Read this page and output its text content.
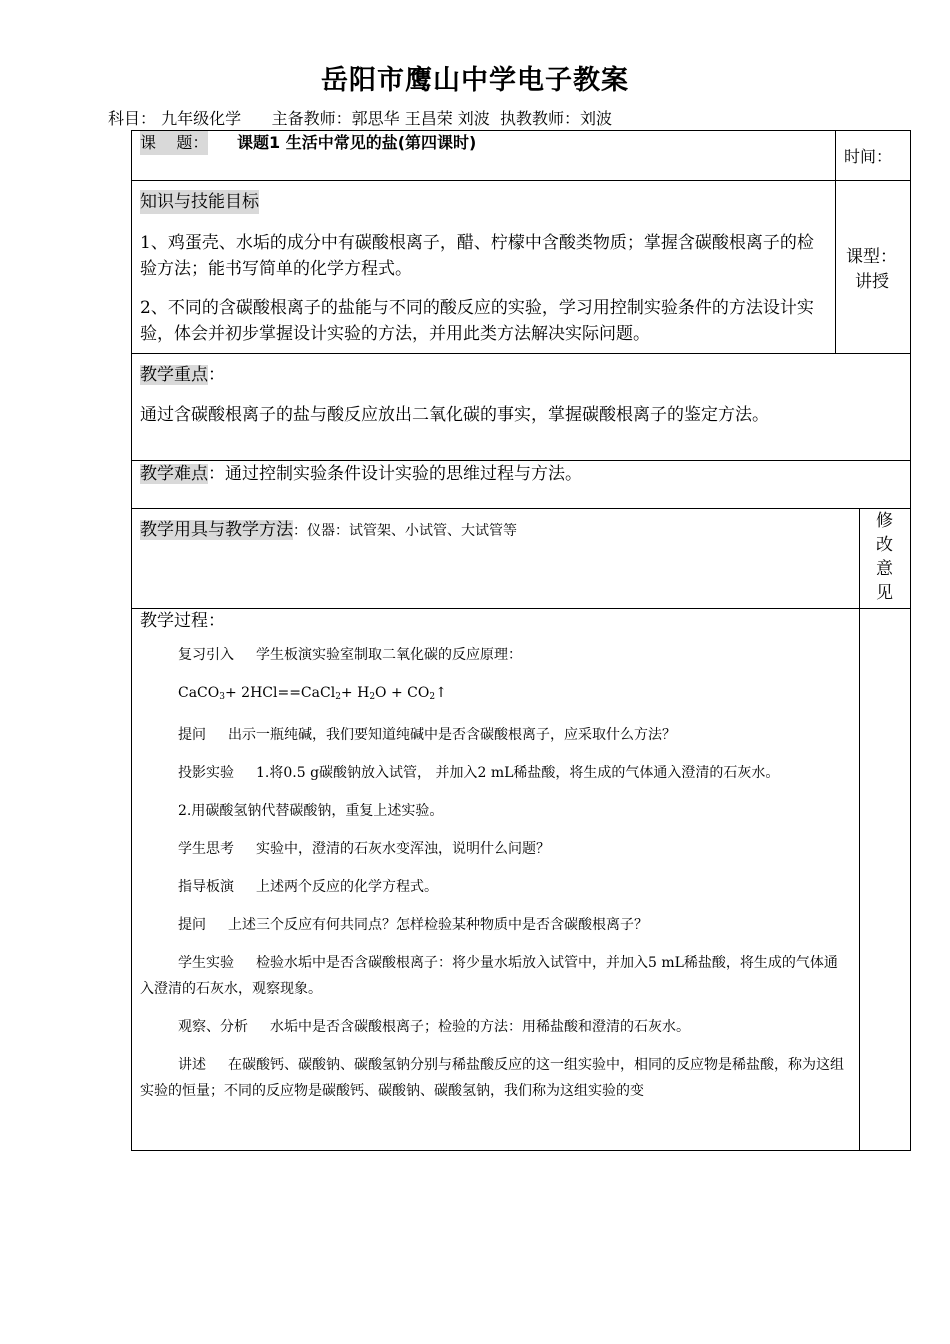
岳阳市鹰山中学电子教案
科目： 九年级化学 主备教师：郭思华 王昌荣 刘波 执教教师：刘波
课    题： 课题1 生活中常见的盐(第四课时)
时间：
知识与技能目标
1、鸡蛋壳、水垢的成分中有碳酸根离子，醋、柠檬中含酸类物质；掌握含碳酸根离子的检验方法；能书写简单的化学方程式。
2、不同的含碳酸根离子的盐能与不同的酸反应的实验，学习用控制实验条件的方法设计实验，体会并初步掌握设计实验的方法，并用此类方法解决实际问题。
课型：
讲授
教学重点：
通过含碳酸根离子的盐与酸反应放出二氧化碳的事实，掌握碳酸根离子的鉴定方法。
教学难点：通过控制实验条件设计实验的思维过程与方法。
教学用具与教学方法：仪器：试管架、小试管、大试管等	修
改
意
见
教学过程：

复习引入 学生板演实验室制取二氧化碳的反应原理：

CaCO$_3$+ 2HCl==CaCl$_2$+ $H_2O$ + $CO_2↑$

提问 出示一瓶纯碱，我们要知道纯碱中是否含碳酸根离子，应采取什么方法？

投影实验 1.将0.5 g碳酸钠放入试管， 并加入2 mL稀盐酸，将生成的气体通入澄清的石灰水。

2.用碳酸氢钠代替碳酸钠，重复上述实验。

学生思考 实验中，澄清的石灰水变浑浊，说明什么问题？

指导板演 上述两个反应的化学方程式。

提问 上述三个反应有何共同点？怎样检验某种物质中是否含碳酸根离子？

学生实验 检验水垢中是否含碳酸根离子：将少量水垢放入试管中，并加入5 mL稀盐酸，将生成的气体通入澄清的石灰水，观察现象。

观察、分析 水垢中是否含碳酸根离子；检验的方法：用稀盐酸和澄清的石灰水。

讲述 在碳酸钙、碳酸钠、碳酸氢钠分别与稀盐酸反应的这一组实验中，相同的反应物是稀盐酸，称为这组实验的恒量；不同的反应物是碳酸钙、碳酸钠、碳酸氢钠，我们称为这组实验的变
